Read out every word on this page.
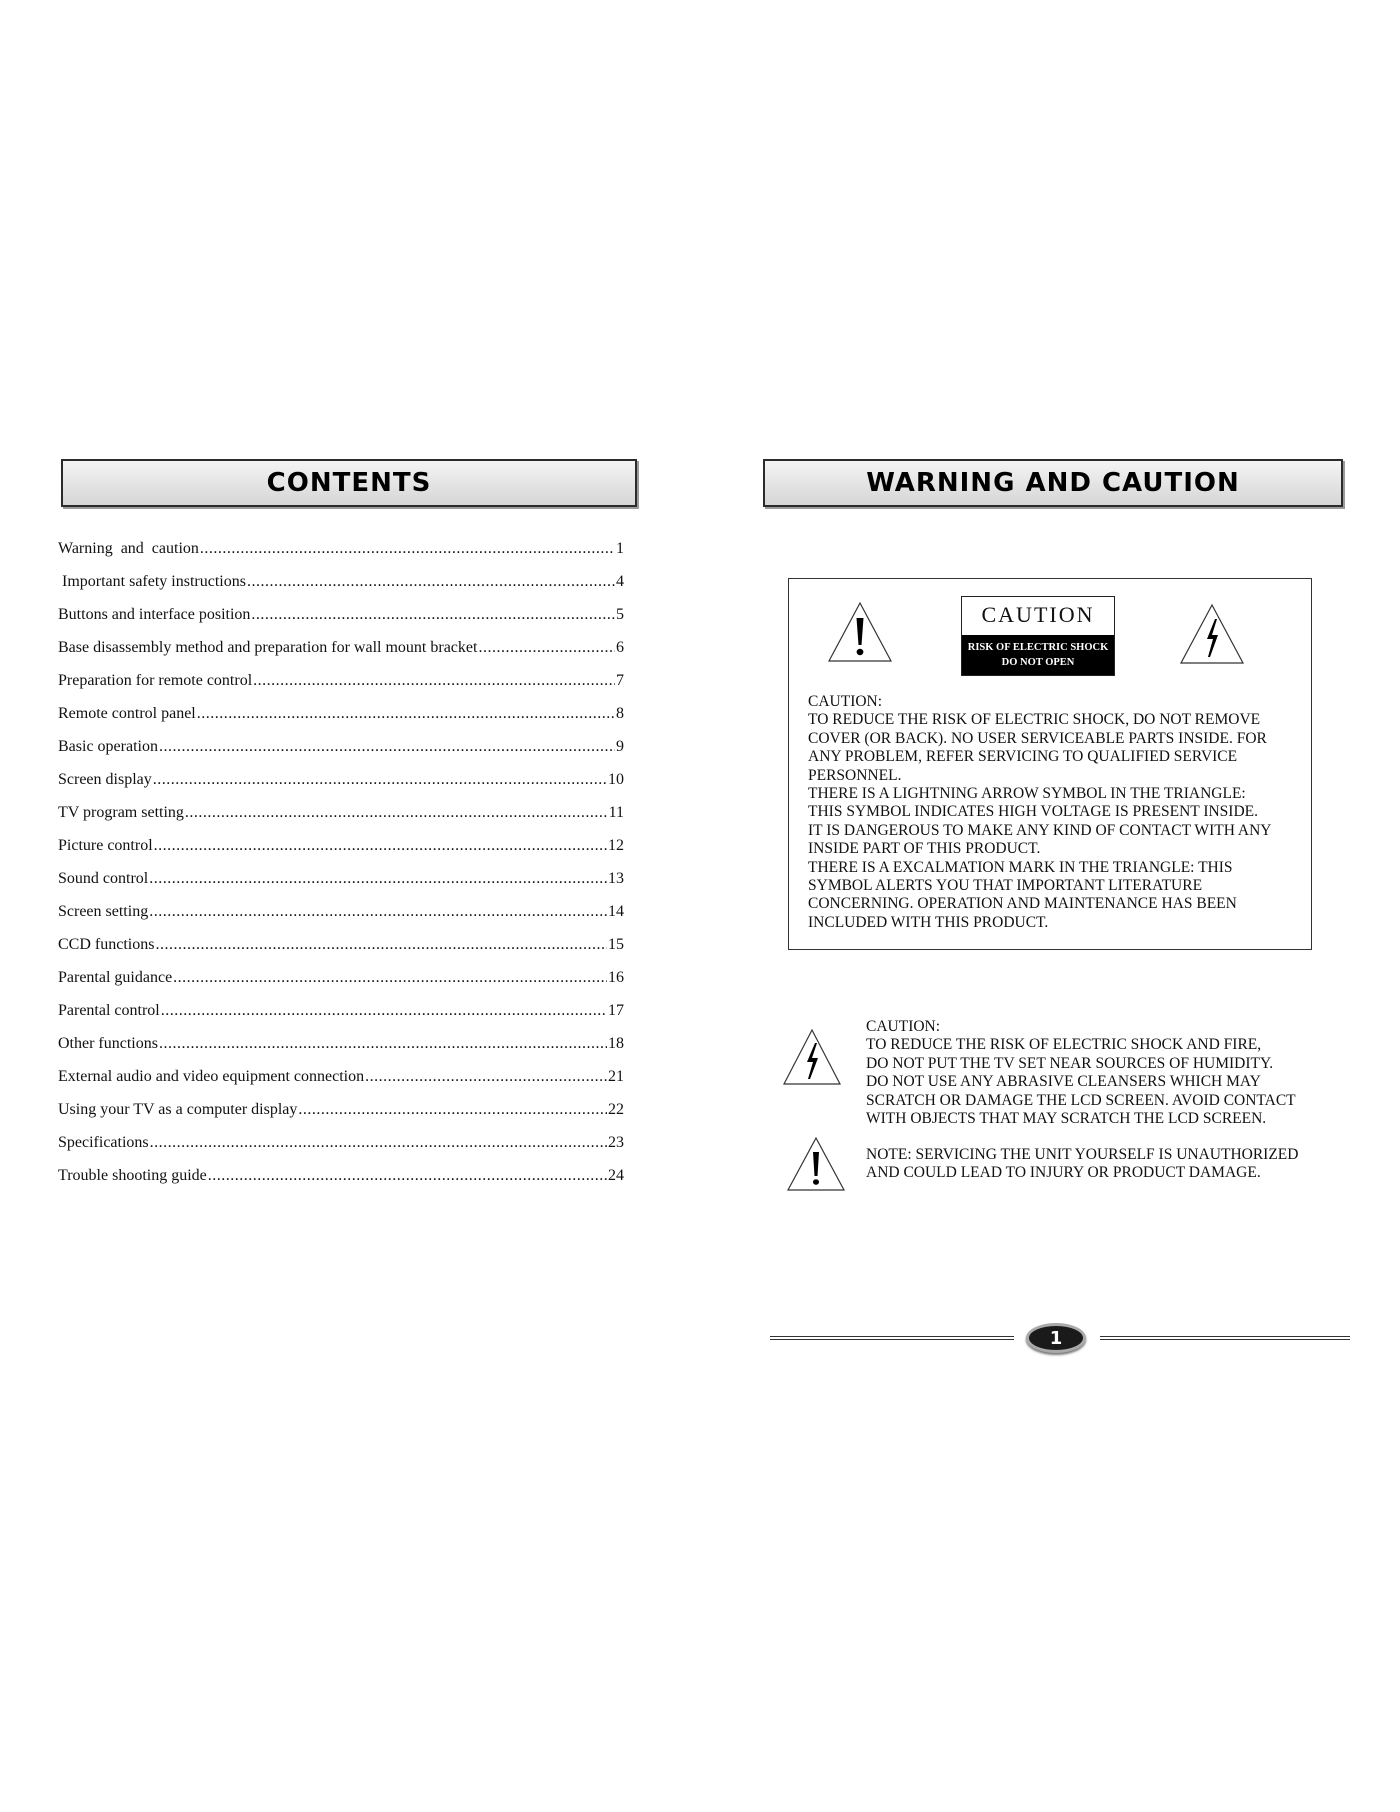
CONTENTS
Warning  and  caution .....	1
Important safety instructions .....	4
Buttons and interface position .....	5
Base disassembly method and preparation for wall mount bracket .....	6
Preparation for remote control .....	7
Remote control panel .....	8
Basic operation .....	9
Screen display .....	10
TV program setting .....	11
Picture control .....	12
Sound control .....	13
Screen setting .....	14
CCD functions .....	15
Parental guidance .....	16
Parental control .....	17
Other functions .....	18
External audio and video equipment connection .....	21
Using your TV as a computer display .....	22
Specifications .....	23
Trouble shooting guide .....	24
WARNING AND CAUTION
CAUTION
RISK OF ELECTRIC SHOCK
DO NOT OPEN
CAUTION:
TO REDUCE THE RISK OF ELECTRIC SHOCK, DO NOT REMOVE
COVER (OR BACK). NO USER SERVICEABLE PARTS INSIDE. FOR
ANY PROBLEM, REFER SERVICING TO QUALIFIED SERVICE
PERSONNEL.
THERE IS A LIGHTNING ARROW SYMBOL IN THE TRIANGLE:
THIS SYMBOL INDICATES HIGH VOLTAGE IS PRESENT INSIDE.
IT IS DANGEROUS TO MAKE ANY KIND OF CONTACT WITH ANY
INSIDE PART OF THIS PRODUCT.
THERE IS A EXCALMATION MARK IN THE TRIANGLE: THIS
SYMBOL ALERTS YOU THAT IMPORTANT LITERATURE
CONCERNING. OPERATION AND MAINTENANCE HAS BEEN
INCLUDED WITH THIS PRODUCT.
CAUTION:
TO REDUCE THE RISK OF ELECTRIC SHOCK AND FIRE,
DO NOT PUT THE TV SET NEAR SOURCES OF HUMIDITY.
DO NOT USE ANY ABRASIVE CLEANSERS WHICH MAY
SCRATCH OR DAMAGE THE LCD SCREEN. AVOID CONTACT
WITH OBJECTS THAT MAY SCRATCH THE LCD SCREEN.
NOTE: SERVICING THE UNIT YOURSELF IS UNAUTHORIZED
AND COULD LEAD TO INJURY OR PRODUCT DAMAGE.
1
